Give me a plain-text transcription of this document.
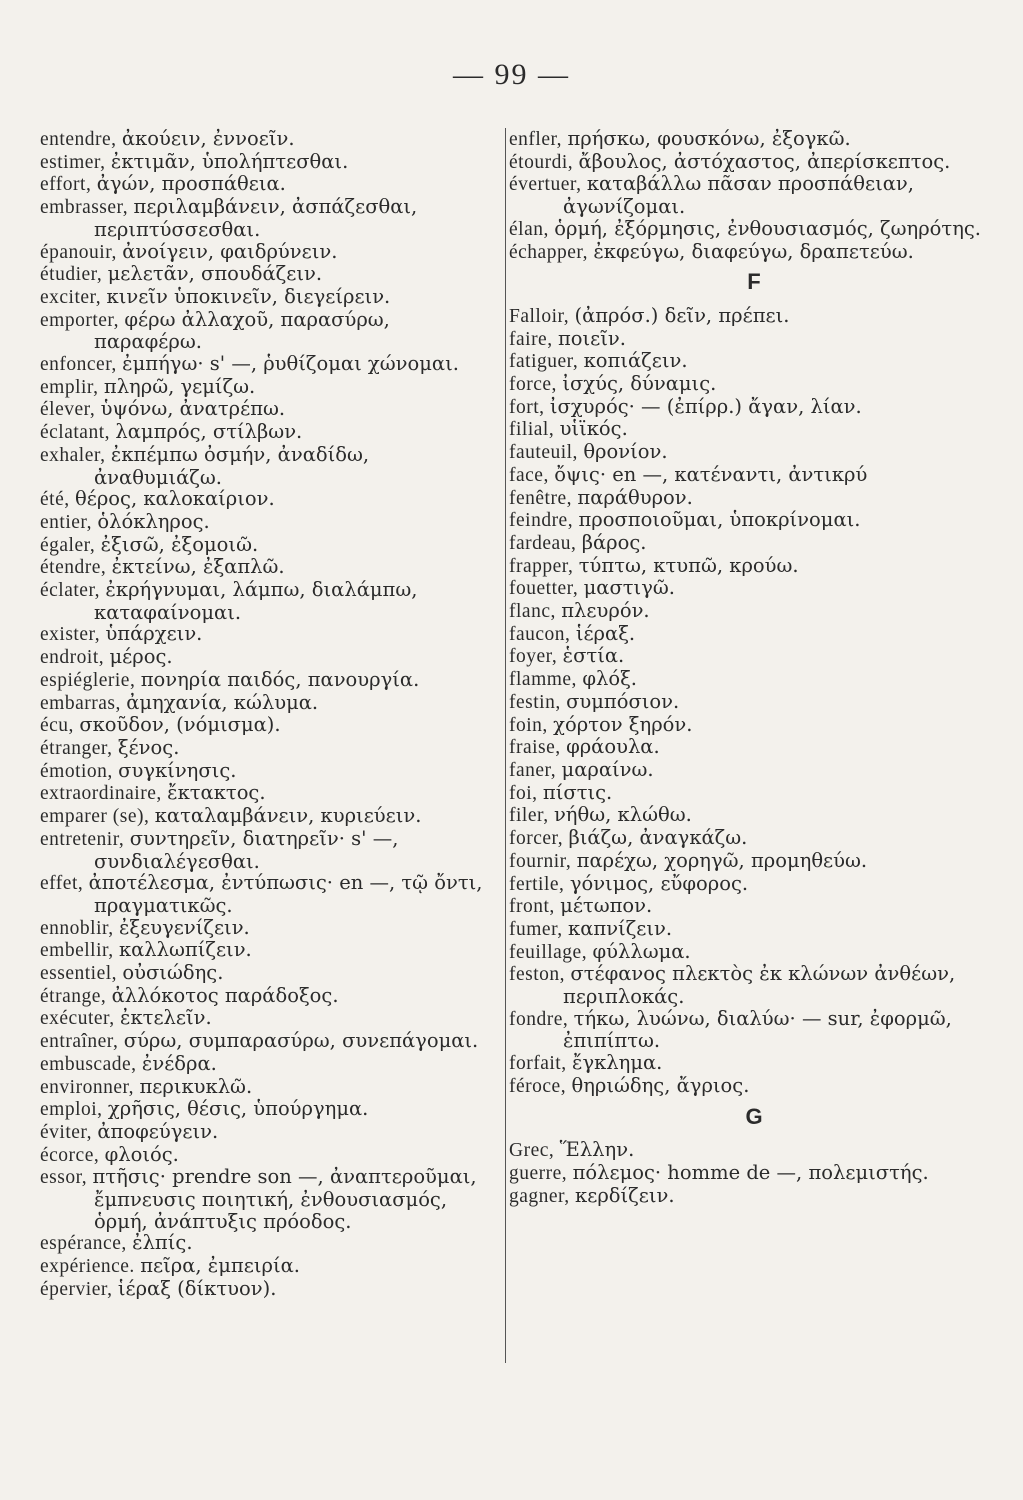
— 99 —
entendre, ἀκούειν, ἐννοεῖν.
estimer, ἐκτιμᾶν, ὑπολήπτεσθαι.
effort, ἀγών, προσπάθεια.
embrasser, περιλαμβάνειν, ἀσπάζεσθαι, περιπτύσσεσθαι.
épanouir, ἀνοίγειν, φαιδρύνειν.
étudier, μελετᾶν, σπουδάζειν.
exciter, κινεῖν ὑποκινεῖν, διεγείρειν.
emporter, φέρω ἀλλαχοῦ, παρασύρω, παραφέρω.
enfoncer, ἐμπήγω· s' —, ῥυθίζομαι χώνομαι.
emplir, πληρῶ, γεμίζω.
élever, ὑψόνω, ἀνατρέπω.
éclatant, λαμπρός, στίλβων.
exhaler, ἐκπέμπω ὀσμήν, ἀναδίδω, ἀναθυμιάζω.
été, θέρος, καλοκαίριον.
entier, ὁλόκληρος.
égaler, ἐξισῶ, ἐξομοιῶ.
étendre, ἐκτείνω, ἐξαπλῶ.
éclater, ἐκρήγνυμαι, λάμπω, διαλάμπω, καταφαίνομαι.
exister, ὑπάρχειν.
endroit, μέρος.
espiéglerie, πονηρία παιδός, πανουργία.
embarras, ἀμηχανία, κώλυμα.
écu, σκοῦδον, (νόμισμα).
étranger, ξένος.
émotion, συγκίνησις.
extraordinaire, ἔκτακτος.
emparer (se), καταλαμβάνειν, κυριεύειν.
entretenir, συντηρεῖν, διατηρεῖν· s' —, συνδιαλέγεσθαι.
effet, ἀποτέλεσμα, ἐντύπωσις· en —, τῷ ὄντι, πραγματικῶς.
ennoblir, ἐξευγενίζειν.
embellir, καλλωπίζειν.
essentiel, οὐσιώδης.
étrange, ἀλλόκοτος παράδοξος.
exécuter, ἐκτελεῖν.
entraîner, σύρω, συμπαρασύρω, συνεπάγομαι.
embuscade, ἐνέδρα.
environner, περικυκλῶ.
emploi, χρῆσις, θέσις, ὑπούργημα.
éviter, ἀποφεύγειν.
écorce, φλοιός.
essor, πτῆσις· prendre son —, ἀναπτεροῦμαι, ἔμπνευσις ποιητική, ἐνθουσιασμός, ὁρμή, ἀνάπτυξις πρόοδος.
espérance, ἐλπίς.
expérience. πεῖρα, ἐμπειρία.
épervier, ἱέραξ (δίκτυον).
enfler, πρήσκω, φουσκόνω, ἐξογκῶ.
étourdi, ἄβουλος, ἀστόχαστος, ἀπερίσκεπτος.
évertuer, καταβάλλω πᾶσαν προσπάθειαν, ἀγωνίζομαι.
élan, ὁρμή, ἐξόρμησις, ἐνθουσιασμός, ζωηρότης.
échapper, ἐκφεύγω, διαφεύγω, δραπετεύω.
F
Falloir, (ἀπρόσ.) δεῖν, πρέπει.
faire, ποιεῖν.
fatiguer, κοπιάζειν.
force, ἰσχύς, δύναμις.
fort, ἰσχυρός· — (ἐπίρρ.) ἄγαν, λίαν.
filial, υἱϊκός.
fauteuil, θρονίον.
face, ὄψις· en —, κατέναντι, ἀντικρύ
fenêtre, παράθυρον.
feindre, προσποιοῦμαι, ὑποκρίνομαι.
fardeau, βάρος.
frapper, τύπτω, κτυπῶ, κρούω.
fouetter, μαστιγῶ.
flanc, πλευρόν.
faucon, ἱέραξ.
foyer, ἑστία.
flamme, φλόξ.
festin, συμπόσιον.
foin, χόρτον ξηρόν.
fraise, φράουλα.
faner, μαραίνω.
foi, πίστις.
filer, νήθω, κλώθω.
forcer, βιάζω, ἀναγκάζω.
fournir, παρέχω, χορηγῶ, προμηθεύω.
fertile, γόνιμος, εὔφορος.
front, μέτωπον.
fumer, καπνίζειν.
feuillage, φύλλωμα.
feston, στέφανος πλεκτὸς ἐκ κλώνων ἀνθέων, περιπλοκάς.
fondre, τήκω, λυώνω, διαλύω· — sur, ἐφορμῶ, ἐπιπίπτω.
forfait, ἔγκλημα.
féroce, θηριώδης, ἄγριος.
G
Grec, Ἕλλην.
guerre, πόλεμος· homme de —, πολεμιστής.
gagner, κερδίζειν.
